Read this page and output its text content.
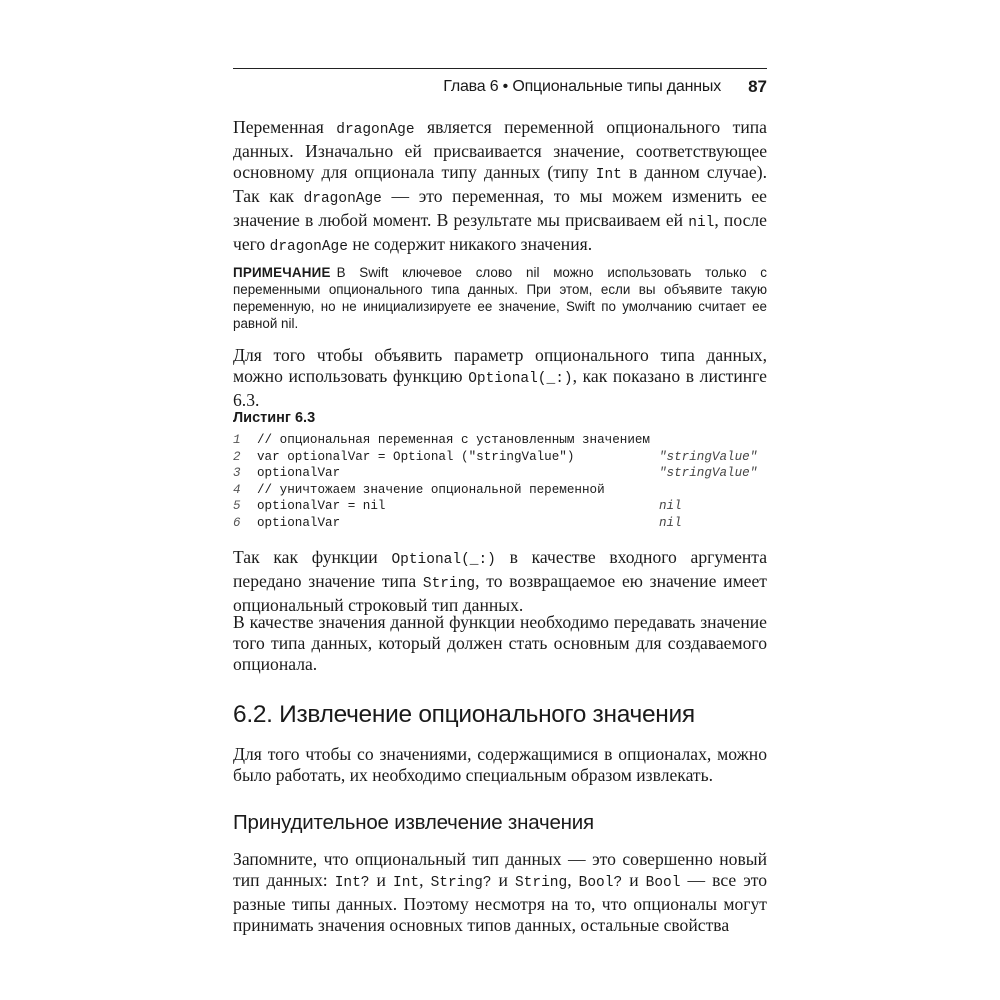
Глава 6 • Опциональные типы данных 87

Переменная dragonAge является переменной опционального типа данных. Изначально ей присваивается значение, соответствующее основному для опционала типу данных (типу Int в данном случае). Так как dragonAge — это переменная, то мы можем изменить ее значение в любой момент. В результате мы присваиваем ей nil, после чего dragonAge не содержит никакого значения.

ПРИМЕЧАНИЕ В Swift ключевое слово nil можно использовать только с переменными опционального типа данных. При этом, если вы объявите такую переменную, но не инициализируете ее значение, Swift по умолчанию считает ее равной nil.

Для того чтобы объявить параметр опционального типа данных, можно использовать функцию Optional(_:), как показано в листинге 6.3.

Листинг 6.3
1	// опциональная переменная с установленным значением
2	var optionalVar = Optional ("stringValue")	"stringValue"
3	optionalVar	"stringValue"
4	// уничтожаем значение опциональной переменной
5	optionalVar = nil	nil
6	optionalVar	nil

Так как функции Optional(_:) в качестве входного аргумента передано значение типа String, то возвращаемое ею значение имеет опциональный строковый тип данных.

В качестве значения данной функции необходимо передавать значение того типа данных, который должен стать основным для создаваемого опционала.

6.2. Извлечение опционального значения

Для того чтобы со значениями, содержащимися в опционалах, можно было работать, их необходимо специальным образом извлекать.

Принудительное извлечение значения

Запомните, что опциональный тип данных — это совершенно новый тип данных: Int? и Int, String? и String, Bool? и Bool — все это разные типы данных. Поэтому несмотря на то, что опционалы могут принимать значения основных типов данных, остальные свойства
